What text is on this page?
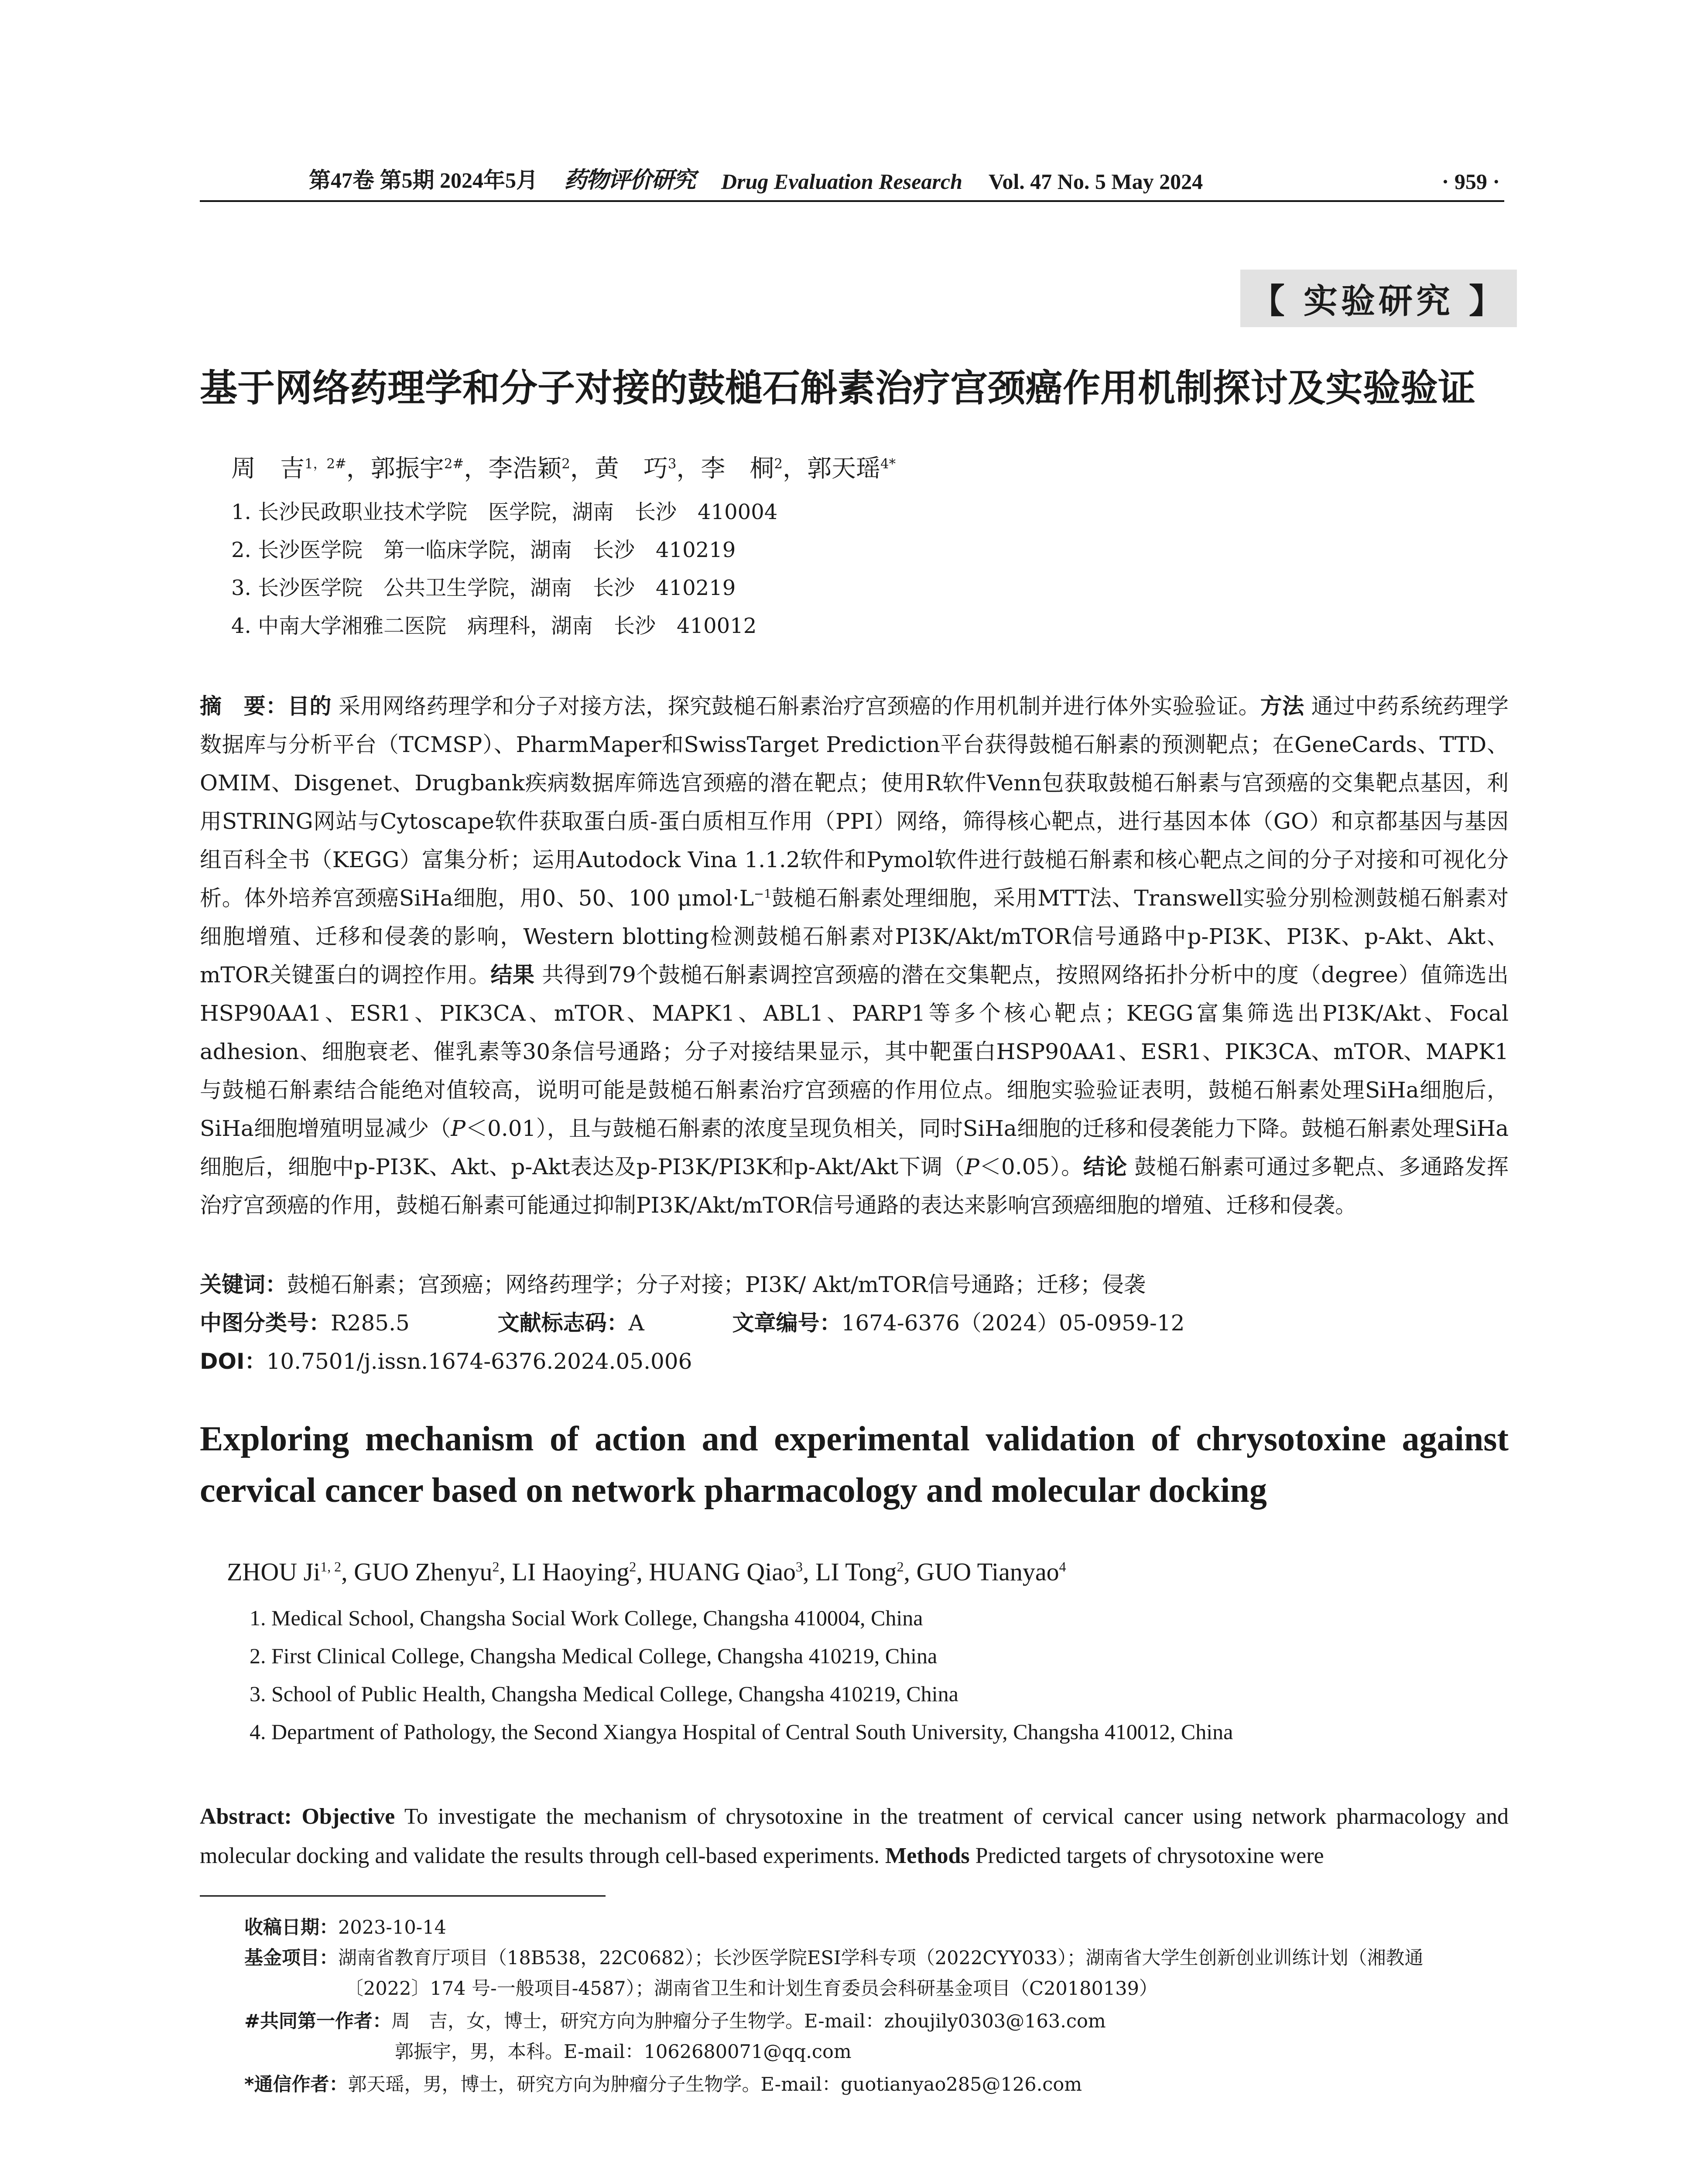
第47卷 第5期 2024年5月 药物评价研究 Drug Evaluation Research Vol. 47 No. 5 May 2024	· 959 ·
【 实验研究 】
基于网络药理学和分子对接的鼓槌石斛素治疗宫颈癌作用机制探讨及实验验证
周　吉$^{1,2\#}$，郭振宇$^{2\#}$，李浩颖$^2$，黄　巧$^3$，李　桐$^2$，郭天瑶$^{4*}$
1. 长沙民政职业技术学院　医学院，湖南　长沙　410004
2. 长沙医学院　第一临床学院，湖南　长沙　410219
3. 长沙医学院　公共卫生学院，湖南　长沙　410219
4. 中南大学湘雅二医院　病理科，湖南　长沙　410012
摘　要：目的 采用网络药理学和分子对接方法，探究鼓槌石斛素治疗宫颈癌的作用机制并进行体外实验验证。方法 通过中药系统药理学数据库与分析平台（TCMSP）、PharmMaper和SwissTarget Prediction平台获得鼓槌石斛素的预测靶点；在GeneCards、TTD、OMIM、Disgenet、Drugbank疾病数据库筛选宫颈癌的潜在靶点；使用R软件Venn包获取鼓槌石斛素与宫颈癌的交集靶点基因，利用STRING网站与Cytoscape软件获取蛋白质-蛋白质相互作用（PPI）网络，筛得核心靶点，进行基因本体（GO）和京都基因与基因组百科全书（KEGG）富集分析；运用Autodock Vina 1.1.2软件和Pymol软件进行鼓槌石斛素和核心靶点之间的分子对接和可视化分析。体外培养宫颈癌SiHa细胞，用0、50、100 $\mu mol\cdot L^{-1}$鼓槌石斛素处理细胞，采用MTT法、Transwell实验分别检测鼓槌石斛素对细胞增殖、迁移和侵袭的影响，Western blotting检测鼓槌石斛素对PI3K/Akt/mTOR信号通路中p-PI3K、PI3K、p-Akt、Akt、mTOR关键蛋白的调控作用。结果 共得到79个鼓槌石斛素调控宫颈癌的潜在交集靶点，按照网络拓扑分析中的度（degree）值筛选出HSP90AA1、ESR1、PIK3CA、mTOR、MAPK1、ABL1、PARP1等多个核心靶点；KEGG富集筛选出PI3K/Akt、Focal adhesion、细胞衰老、催乳素等30条信号通路；分子对接结果显示，其中靶蛋白HSP90AA1、ESR1、PIK3CA、mTOR、MAPK1与鼓槌石斛素结合能绝对值较高，说明可能是鼓槌石斛素治疗宫颈癌的作用位点。细胞实验验证表明，鼓槌石斛素处理SiHa细胞后，SiHa细胞增殖明显减少（P＜0.01），且与鼓槌石斛素的浓度呈现负相关，同时SiHa细胞的迁移和侵袭能力下降。鼓槌石斛素处理SiHa细胞后，细胞中p-PI3K、Akt、p-Akt表达及p-PI3K/PI3K和p-Akt/Akt下调（P＜0.05）。结论 鼓槌石斛素可通过多靶点、多通路发挥治疗宫颈癌的作用，鼓槌石斛素可能通过抑制PI3K/Akt/mTOR信号通路的表达来影响宫颈癌细胞的增殖、迁移和侵袭。
关键词：鼓槌石斛素；宫颈癌；网络药理学；分子对接；PI3K/ Akt/mTOR信号通路；迁移；侵袭
中图分类号：R285.5	文献标志码：A	文章编号：1674-6376（2024）05-0959-12
DOI：10.7501/j.issn.1674-6376.2024.05.006
Exploring mechanism of action and experimental validation of chrysotoxine against cervical cancer based on network pharmacology and molecular docking
ZHOU Ji$^{1, 2}$, GUO Zhenyu$^2$, LI Haoying$^2$, HUANG Qiao$^3$, LI Tong$^2$, GUO Tianyao$^4$
1. Medical School, Changsha Social Work College, Changsha 410004, China
2. First Clinical College, Changsha Medical College, Changsha 410219, China
3. School of Public Health, Changsha Medical College, Changsha 410219, China
4. Department of Pathology, the Second Xiangya Hospital of Central South University, Changsha 410012, China
Abstract: Objective To investigate the mechanism of chrysotoxine in the treatment of cervical cancer using network pharmacology and molecular docking and validate the results through cell-based experiments. Methods Predicted targets of chrysotoxine were
收稿日期：2023-10-14
基金项目：湖南省教育厅项目（18B538，22C0682）；长沙医学院ESI学科专项（2022CYY033）；湖南省大学生创新创业训练计划（湘教通
〔2022〕174 号-一般项目-4587）；湖南省卫生和计划生育委员会科研基金项目（C20180139）
#共同第一作者：周　吉，女，博士，研究方向为肿瘤分子生物学。E-mail：zhoujily0303@163.com
郭振宇，男，本科。E-mail：1062680071@qq.com
*通信作者：郭天瑶，男，博士，研究方向为肿瘤分子生物学。E-mail：guotianyao285@126.com
